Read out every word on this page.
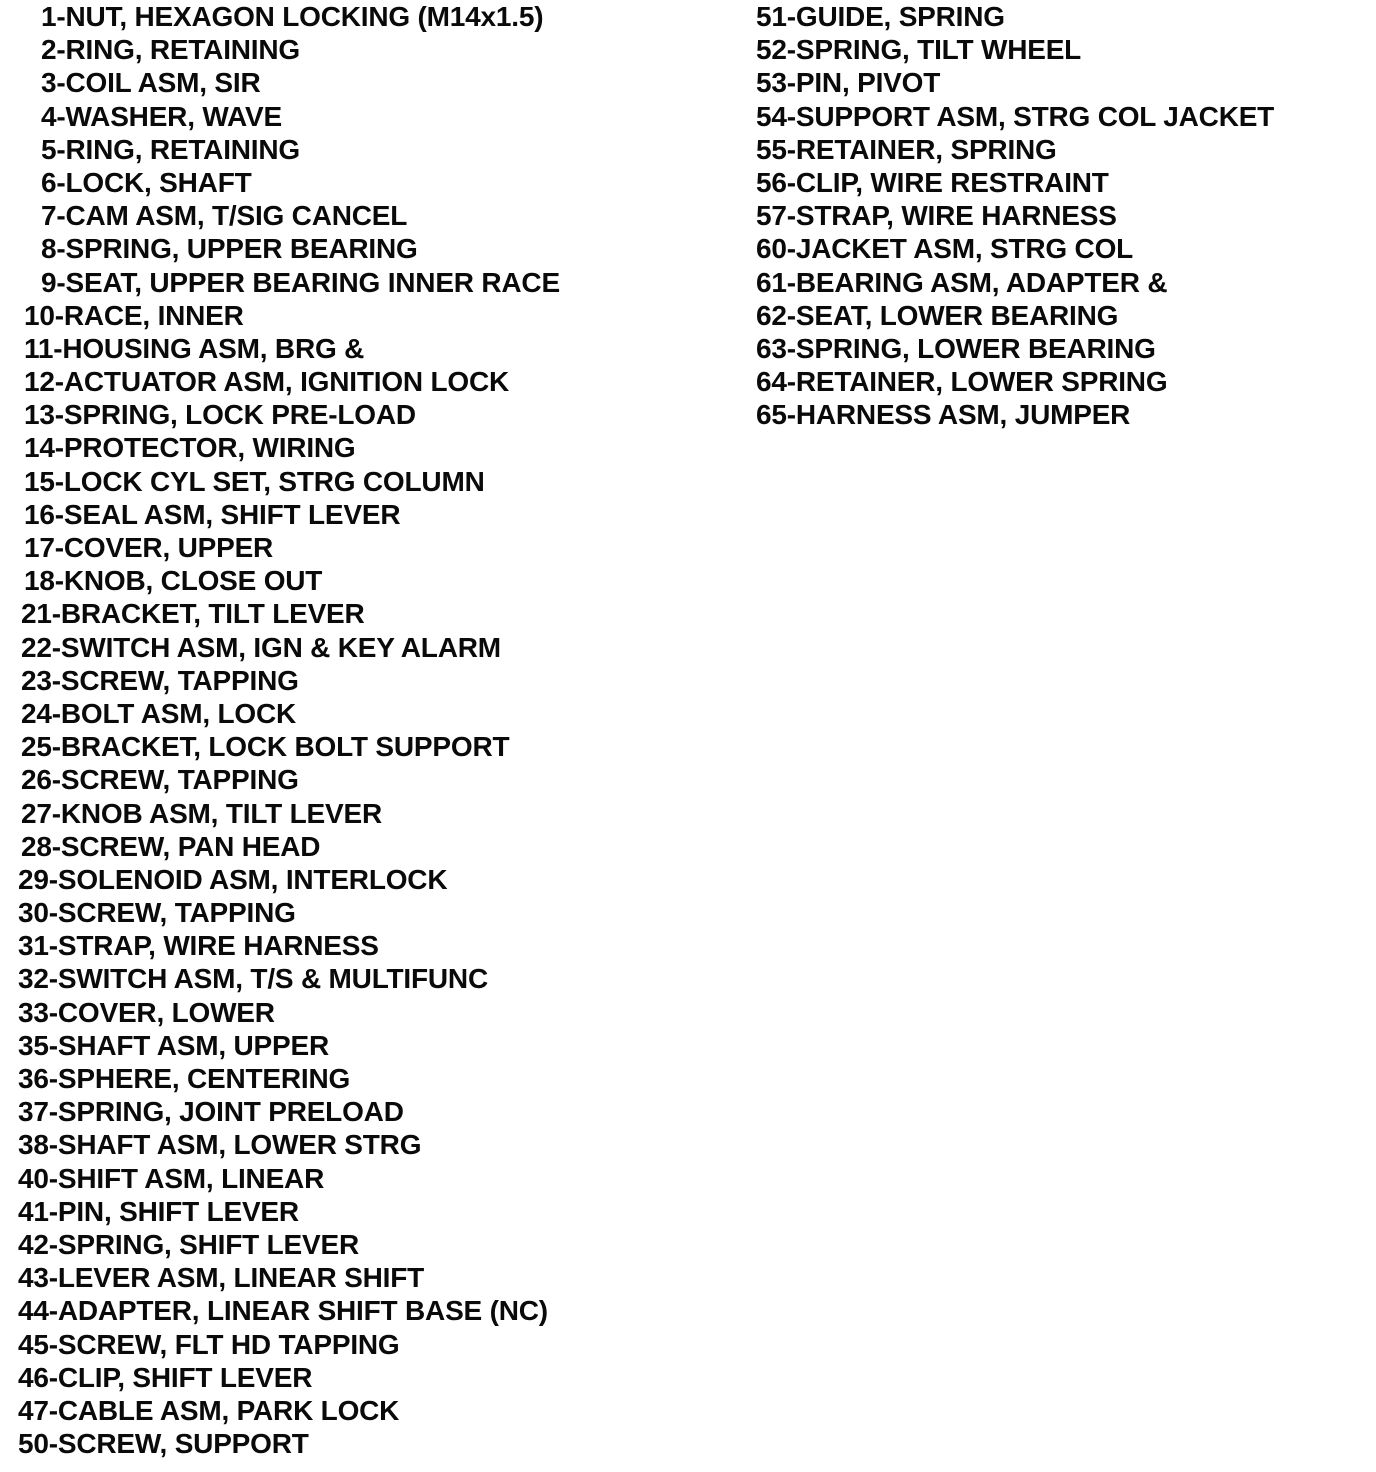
1-NUT, HEXAGON LOCKING (M14x1.5)
2-RING, RETAINING
3-COIL ASM, SIR
4-WASHER, WAVE
5-RING, RETAINING
6-LOCK, SHAFT
7-CAM ASM, T/SIG CANCEL
8-SPRING, UPPER BEARING
9-SEAT, UPPER BEARING INNER RACE
10-RACE, INNER
11-HOUSING ASM, BRG &
12-ACTUATOR ASM, IGNITION LOCK
13-SPRING, LOCK PRE-LOAD
14-PROTECTOR, WIRING
15-LOCK CYL SET, STRG COLUMN
16-SEAL ASM, SHIFT LEVER
17-COVER, UPPER
18-KNOB, CLOSE OUT
21-BRACKET, TILT LEVER
22-SWITCH ASM, IGN & KEY ALARM
23-SCREW, TAPPING
24-BOLT ASM, LOCK
25-BRACKET, LOCK BOLT SUPPORT
26-SCREW, TAPPING
27-KNOB ASM, TILT LEVER
28-SCREW, PAN HEAD
29-SOLENOID ASM, INTERLOCK
30-SCREW, TAPPING
31-STRAP, WIRE HARNESS
32-SWITCH ASM, T/S & MULTIFUNC
33-COVER, LOWER
35-SHAFT ASM, UPPER
36-SPHERE, CENTERING
37-SPRING, JOINT PRELOAD
38-SHAFT ASM, LOWER STRG
40-SHIFT ASM, LINEAR
41-PIN, SHIFT LEVER
42-SPRING, SHIFT LEVER
43-LEVER ASM, LINEAR SHIFT
44-ADAPTER, LINEAR SHIFT BASE (NC)
45-SCREW, FLT HD TAPPING
46-CLIP, SHIFT LEVER
47-CABLE ASM, PARK LOCK
50-SCREW, SUPPORT
51-GUIDE, SPRING
52-SPRING, TILT WHEEL
53-PIN, PIVOT
54-SUPPORT ASM, STRG COL JACKET
55-RETAINER, SPRING
56-CLIP, WIRE RESTRAINT
57-STRAP, WIRE HARNESS
60-JACKET ASM, STRG COL
61-BEARING ASM, ADAPTER &
62-SEAT, LOWER BEARING
63-SPRING, LOWER BEARING
64-RETAINER, LOWER SPRING
65-HARNESS ASM, JUMPER
